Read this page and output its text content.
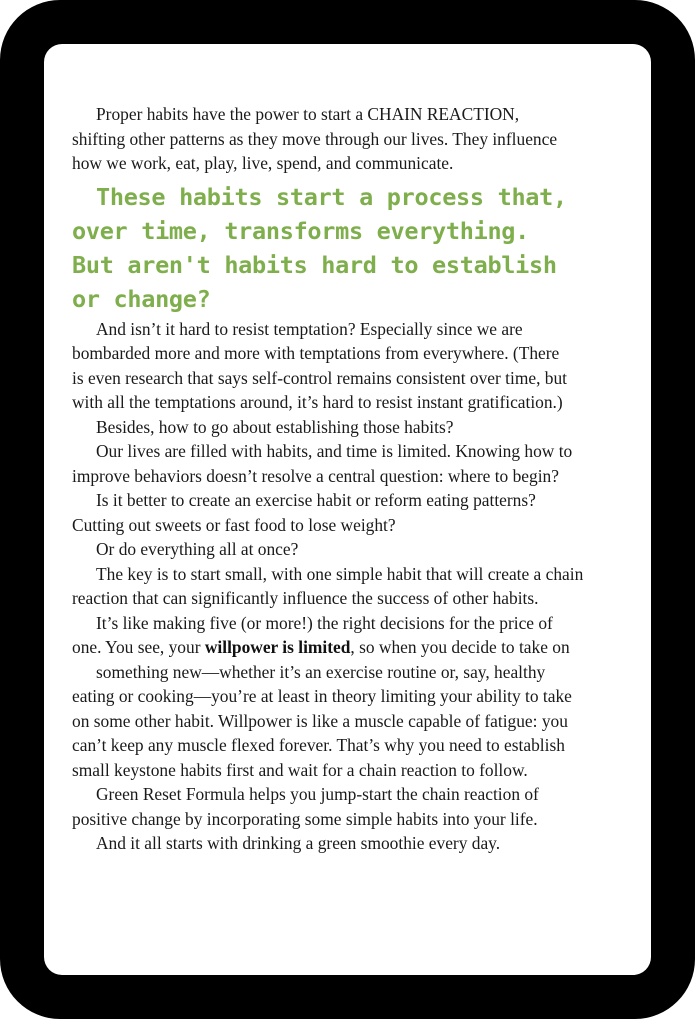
Proper habits have the power to start a CHAIN REACTION,
shifting other patterns as they move through our lives. They influence
how we work, eat, play, live, spend, and communicate.
These habits start a process that,
over time, transforms everything.
But aren't habits hard to establish
or change?
And isn’t it hard to resist temptation? Especially since we are
bombarded more and more with temptations from everywhere. (There
is even research that says self-control remains consistent over time, but
with all the temptations around, it’s hard to resist instant gratification.)
Besides, how to go about establishing those habits?
Our lives are filled with habits, and time is limited. Knowing how to
improve behaviors doesn’t resolve a central question: where to begin?
Is it better to create an exercise habit or reform eating patterns?
Cutting out sweets or fast food to lose weight?
Or do everything all at once?
The key is to start small, with one simple habit that will create a chain
reaction that can significantly influence the success of other habits.
It’s like making five (or more!) the right decisions for the price of
one. You see, your willpower is limited, so when you decide to take on
something new—whether it’s an exercise routine or, say, healthy
eating or cooking—you’re at least in theory limiting your ability to take
on some other habit. Willpower is like a muscle capable of fatigue: you
can’t keep any muscle flexed forever. That’s why you need to establish
small keystone habits first and wait for a chain reaction to follow.
Green Reset Formula helps you jump-start the chain reaction of
positive change by incorporating some simple habits into your life.
And it all starts with drinking a green smoothie every day.
